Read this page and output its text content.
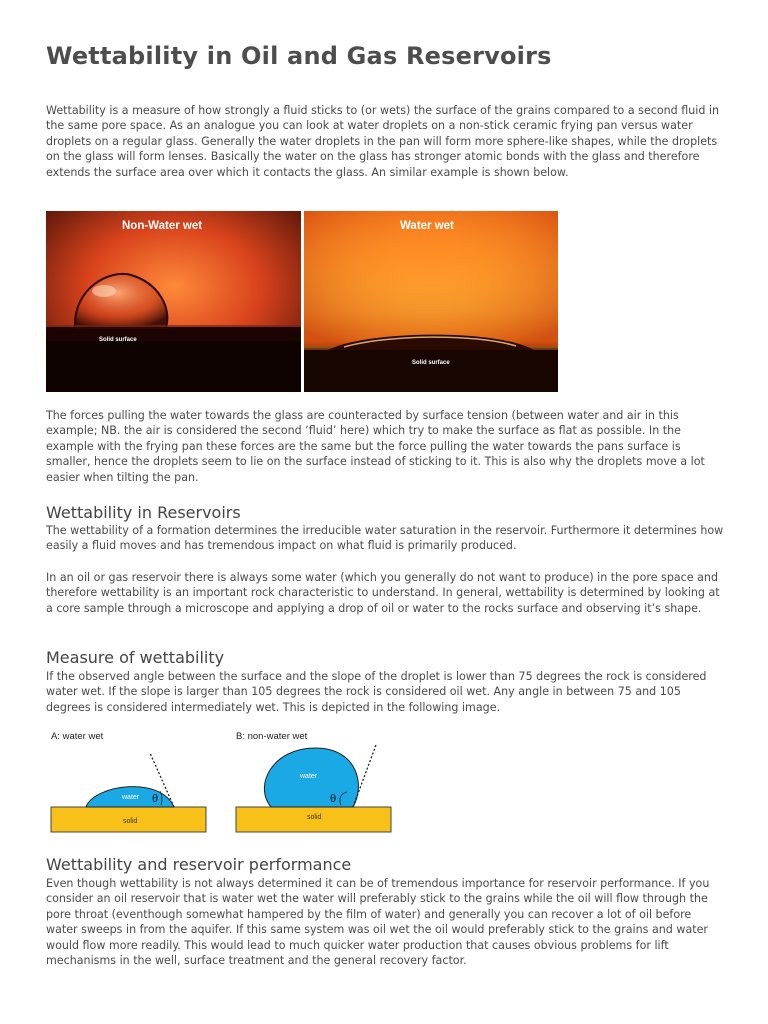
Wettability in Oil and Gas Reservoirs

Wettability is a measure of how strongly a fluid sticks to (or wets) the surface of the grains compared to a second fluid in the same pore space. As an analogue you can look at water droplets on a non-stick ceramic frying pan versus water droplets on a regular glass. Generally the water droplets in the pan will form more sphere-like shapes, while the droplets on the glass will form lenses. Basically the water on the glass has stronger atomic bonds with the glass and therefore extends the surface area over which it contacts the glass. An similar example is shown below.

Non-Water wet
Solid surface
Water wet
Solid surface

The forces pulling the water towards the glass are counteracted by surface tension (between water and air in this example; NB. the air is considered the second ‘fluid’ here) which try to make the surface as flat as possible. In the example with the frying pan these forces are the same but the force pulling the water towards the pans surface is smaller, hence the droplets seem to lie on the surface instead of sticking to it. This is also why the droplets move a lot easier when tilting the pan.

Wettability in Reservoirs

The wettability of a formation determines the irreducible water saturation in the reservoir. Furthermore it determines how easily a fluid moves and has tremendous impact on what fluid is primarily produced.

In an oil or gas reservoir there is always some water (which you generally do not want to produce) in the pore space and therefore wettability is an important rock characteristic to understand. In general, wettability is determined by looking at a core sample through a microscope and applying a drop of oil or water to the rocks surface and observing it’s shape.

Measure of wettability

If the observed angle between the surface and the slope of the droplet is lower than 75 degrees the rock is considered water wet. If the slope is larger than 105 degrees the rock is considered oil wet. Any angle in between 75 and 105 degrees is considered intermediately wet. This is depicted in the following image.

A: water wet
water θ
solid
B: non-water wet
water
θ
solid
Wettability and reservoir performance

Even though wettability is not always determined it can be of tremendous importance for reservoir performance. If you consider an oil reservoir that is water wet the water will preferably stick to the grains while the oil will flow through the pore throat (eventhough somewhat hampered by the film of water) and generally you can recover a lot of oil before water sweeps in from the aquifer. If this same system was oil wet the oil would preferably stick to the grains and water would flow more readily. This would lead to much quicker water production that causes obvious problems for lift mechanisms in the well, surface treatment and the general recovery factor.
